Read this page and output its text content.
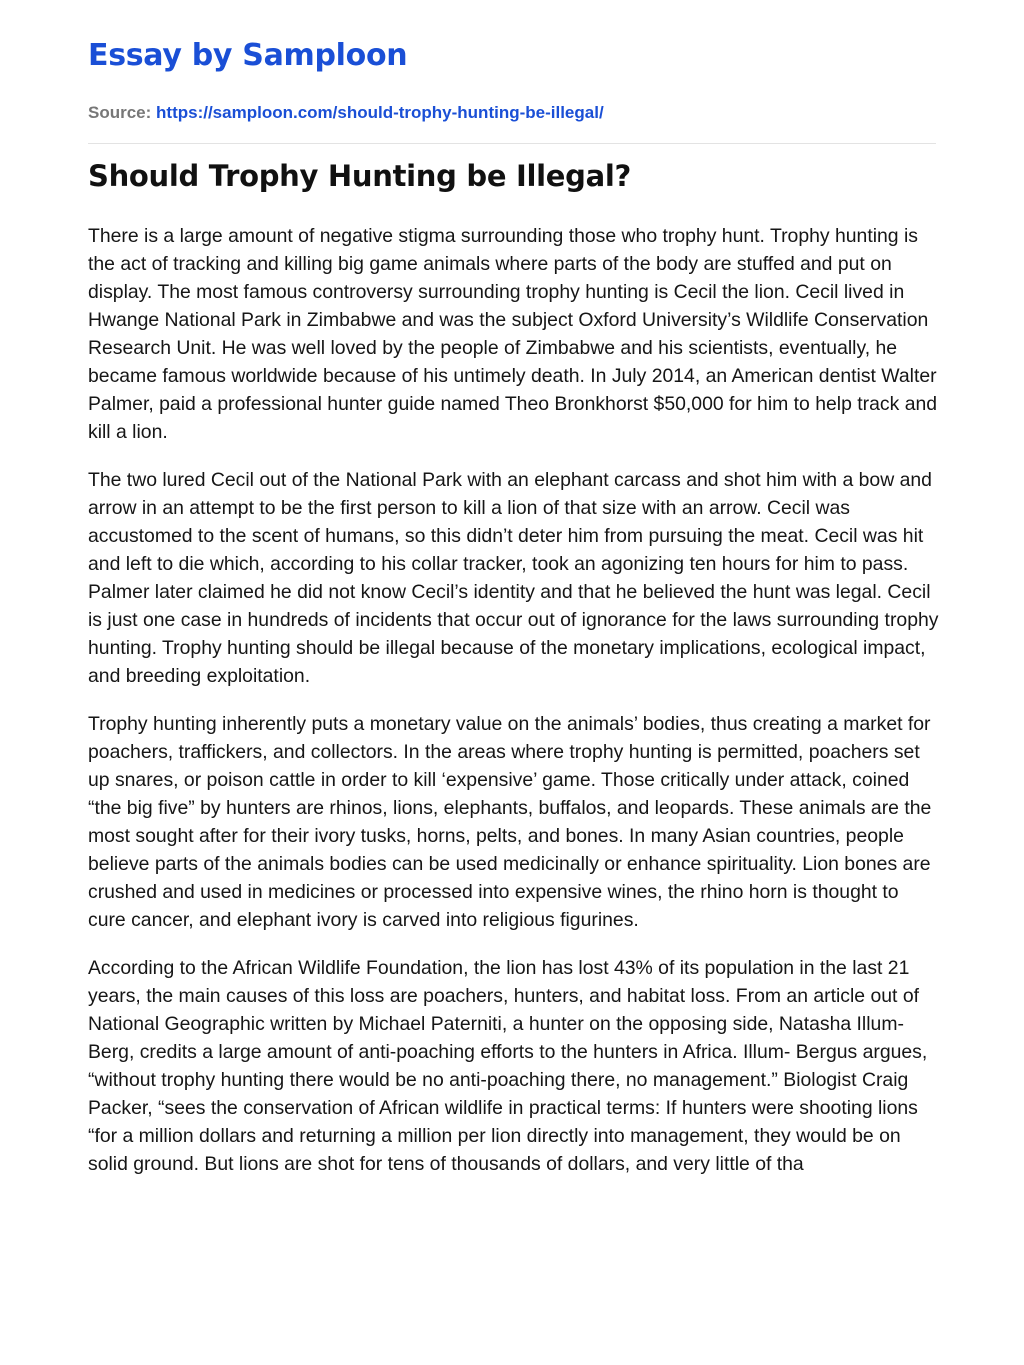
Essay by Samploon
Source: https://samploon.com/should-trophy-hunting-be-illegal/
Should Trophy Hunting be Illegal?

There is a large amount of negative stigma surrounding those who trophy hunt. Trophy hunting is the act of tracking and killing big game animals where parts of the body are stuffed and put on display. The most famous controversy surrounding trophy hunting is Cecil the lion. Cecil lived in Hwange National Park in Zimbabwe and was the subject Oxford University’s Wildlife Conservation Research Unit. He was well loved by the people of Zimbabwe and his scientists, eventually, he became famous worldwide because of his untimely death. In July 2014, an American dentist Walter Palmer, paid a professional hunter guide named Theo Bronkhorst $50,000 for him to help track and kill a lion.

The two lured Cecil out of the National Park with an elephant carcass and shot him with a bow and arrow in an attempt to be the first person to kill a lion of that size with an arrow. Cecil was accustomed to the scent of humans, so this didn’t deter him from pursuing the meat. Cecil was hit and left to die which, according to his collar tracker, took an agonizing ten hours for him to pass. Palmer later claimed he did not know Cecil’s identity and that he believed the hunt was legal. Cecil is just one case in hundreds of incidents that occur out of ignorance for the laws surrounding trophy hunting. Trophy hunting should be illegal because of the monetary implications, ecological impact, and breeding exploitation.

Trophy hunting inherently puts a monetary value on the animals’ bodies, thus creating a market for poachers, traffickers, and collectors. In the areas where trophy hunting is permitted, poachers set up snares, or poison cattle in order to kill ‘expensive’ game. Those critically under attack, coined “the big five” by hunters are rhinos, lions, elephants, buffalos, and leopards. These animals are the most sought after for their ivory tusks, horns, pelts, and bones. In many Asian countries, people believe parts of the animals bodies can be used medicinally or enhance spirituality. Lion bones are crushed and used in medicines or processed into expensive wines, the rhino horn is thought to cure cancer, and elephant ivory is carved into religious figurines.

According to the African Wildlife Foundation, the lion has lost 43% of its population in the last 21 years, the main causes of this loss are poachers, hunters, and habitat loss. From an article out of National Geographic written by Michael Paterniti, a hunter on the opposing side, Natasha Illum-Berg, credits a large amount of anti-poaching efforts to the hunters in Africa. Illum- Bergus argues, “without trophy hunting there would be no anti-poaching there, no management.” Biologist Craig Packer, “sees the conservation of African wildlife in practical terms: If hunters were shooting lions “for a million dollars and returning a million per lion directly into management, they would be on solid ground. But lions are shot for tens of thousands of dollars, and very little of tha
